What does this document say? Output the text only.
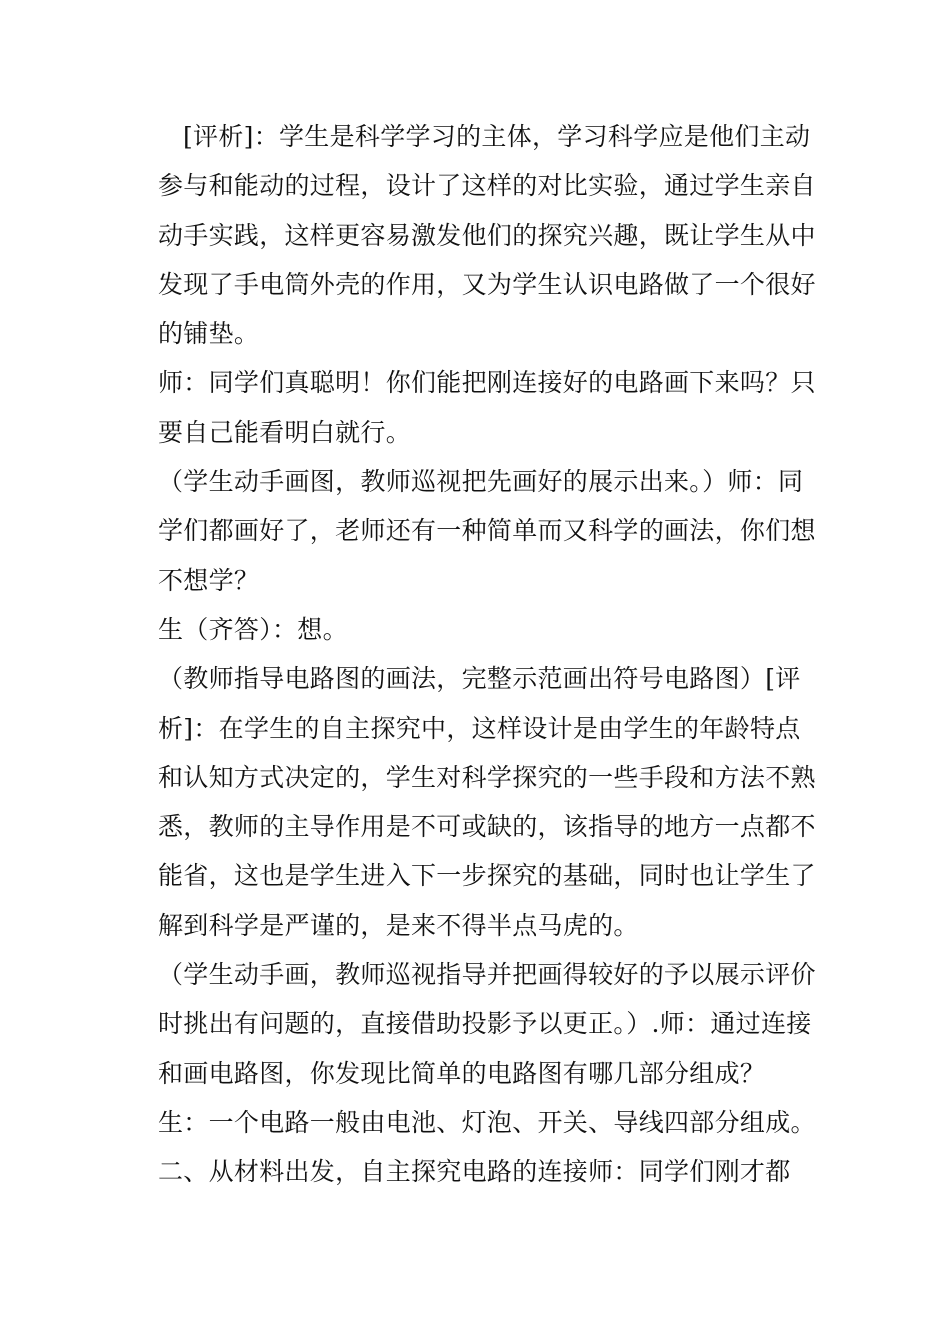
[评析]：学生是科学学习的主体，学习科学应是他们主动参与和能动的过程，设计了这样的对比实验，通过学生亲自动手实践，这样更容易激发他们的探究兴趣，既让学生从中发现了手电筒外壳的作用，又为学生认识电路做了一个很好的铺垫。

师：同学们真聪明！你们能把刚连接好的电路画下来吗？只要自己能看明白就行。

（学生动手画图，教师巡视把先画好的展示出来。）师：同学们都画好了，老师还有一种简单而又科学的画法，你们想不想学？

生（齐答）：想。

（教师指导电路图的画法，完整示范画出符号电路图）[评析]：在学生的自主探究中，这样设计是由学生的年龄特点和认知方式决定的，学生对科学探究的一些手段和方法不熟悉，教师的主导作用是不可或缺的，该指导的地方一点都不能省，这也是学生进入下一步探究的基础，同时也让学生了解到科学是严谨的，是来不得半点马虎的。

（学生动手画，教师巡视指导并把画得较好的予以展示评价时挑出有问题的，直接借助投影予以更正。）.师：通过连接和画电路图，你发现比简单的电路图有哪几部分组成？

生：一个电路一般由电池、灯泡、开关、导线四部分组成。

二、从材料出发，自主探究电路的连接师：同学们刚才都
